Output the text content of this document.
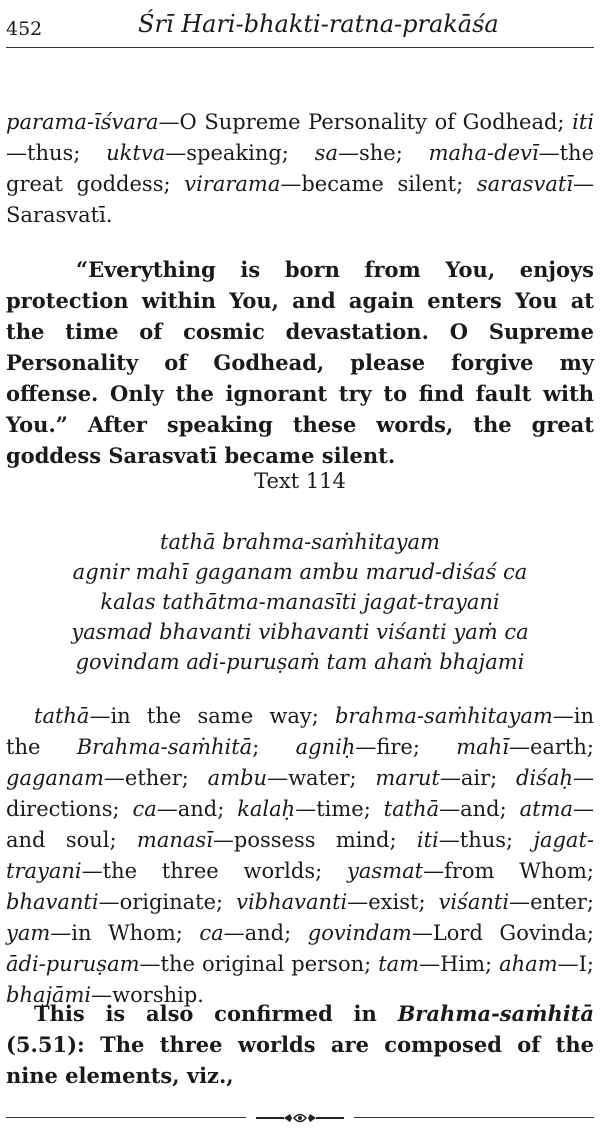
452	Śrī Hari-bhakti-ratna-prakāśa

parama-īśvara—O Supreme Personality of Godhead; iti—thus; uktva—speaking; sa—she; maha-devī—the great goddess; virarama—became silent; sarasvatī—Sarasvatī.

“Everything is born from You, enjoys protection within You, and again enters You at the time of cosmic devastation. O Supreme Personality of Godhead, please forgive my offense. Only the ignorant try to find fault with You.” After speaking these words, the great goddess Sarasvatī became silent.

Text 114
tathā brahma-saṁhitayam
agnir mahī gaganam ambu marud-diśaś ca
kalas tathātma-manasīti jagat-trayani
yasmad bhavanti vibhavanti viśanti yaṁ ca
govindam adi-puruṣaṁ tam ahaṁ bhajami

tathā—in the same way; brahma-saṁhitayam—in the Brahma-saṁhitā; agniḥ—fire; mahī—earth; gaganam—ether; ambu—water; marut—air; diśaḥ—directions; ca—and; kalaḥ—time; tathā—and; atma—and soul; manasī—possess mind; iti—thus; jagat-trayani—the three worlds; yasmat—from Whom; bhavanti—originate; vibhavanti—exist; viśanti—enter; yam—in Whom; ca—and; govindam—Lord Govinda; ādi-puruṣam—the original person; tam—Him; aham—I; bhajāmi—worship.

This is also confirmed in Brahma-saṁhitā (5.51): The three worlds are composed of the nine elements, viz.,
